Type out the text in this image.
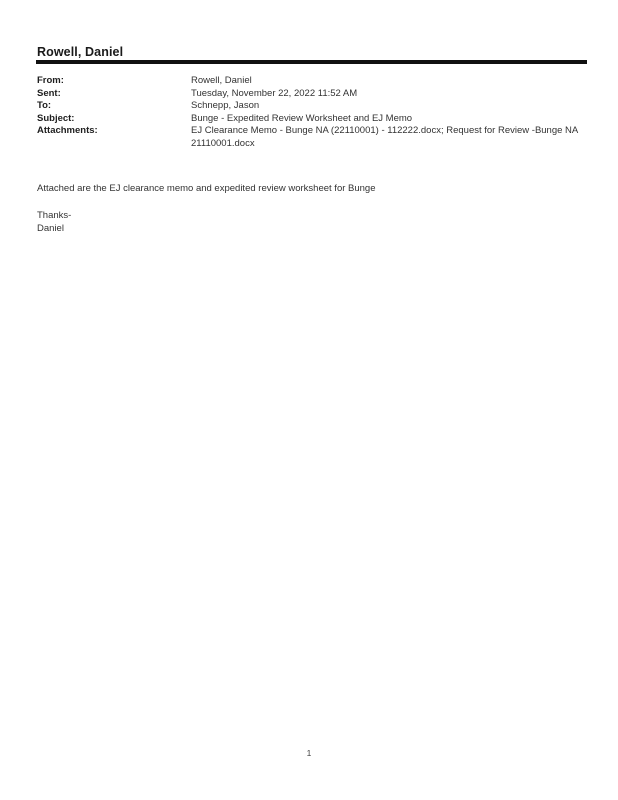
Rowell, Daniel
From:	Rowell, Daniel
Sent:	Tuesday, November 22, 2022 11:52 AM
To:	Schnepp, Jason
Subject:	Bunge - Expedited Review Worksheet and EJ Memo
Attachments:	EJ Clearance Memo - Bunge NA (22110001) - 112222.docx; Request for Review -Bunge NA 21110001.docx

Attached are the EJ clearance memo and expedited review worksheet for Bunge

Thanks-

Daniel

1
